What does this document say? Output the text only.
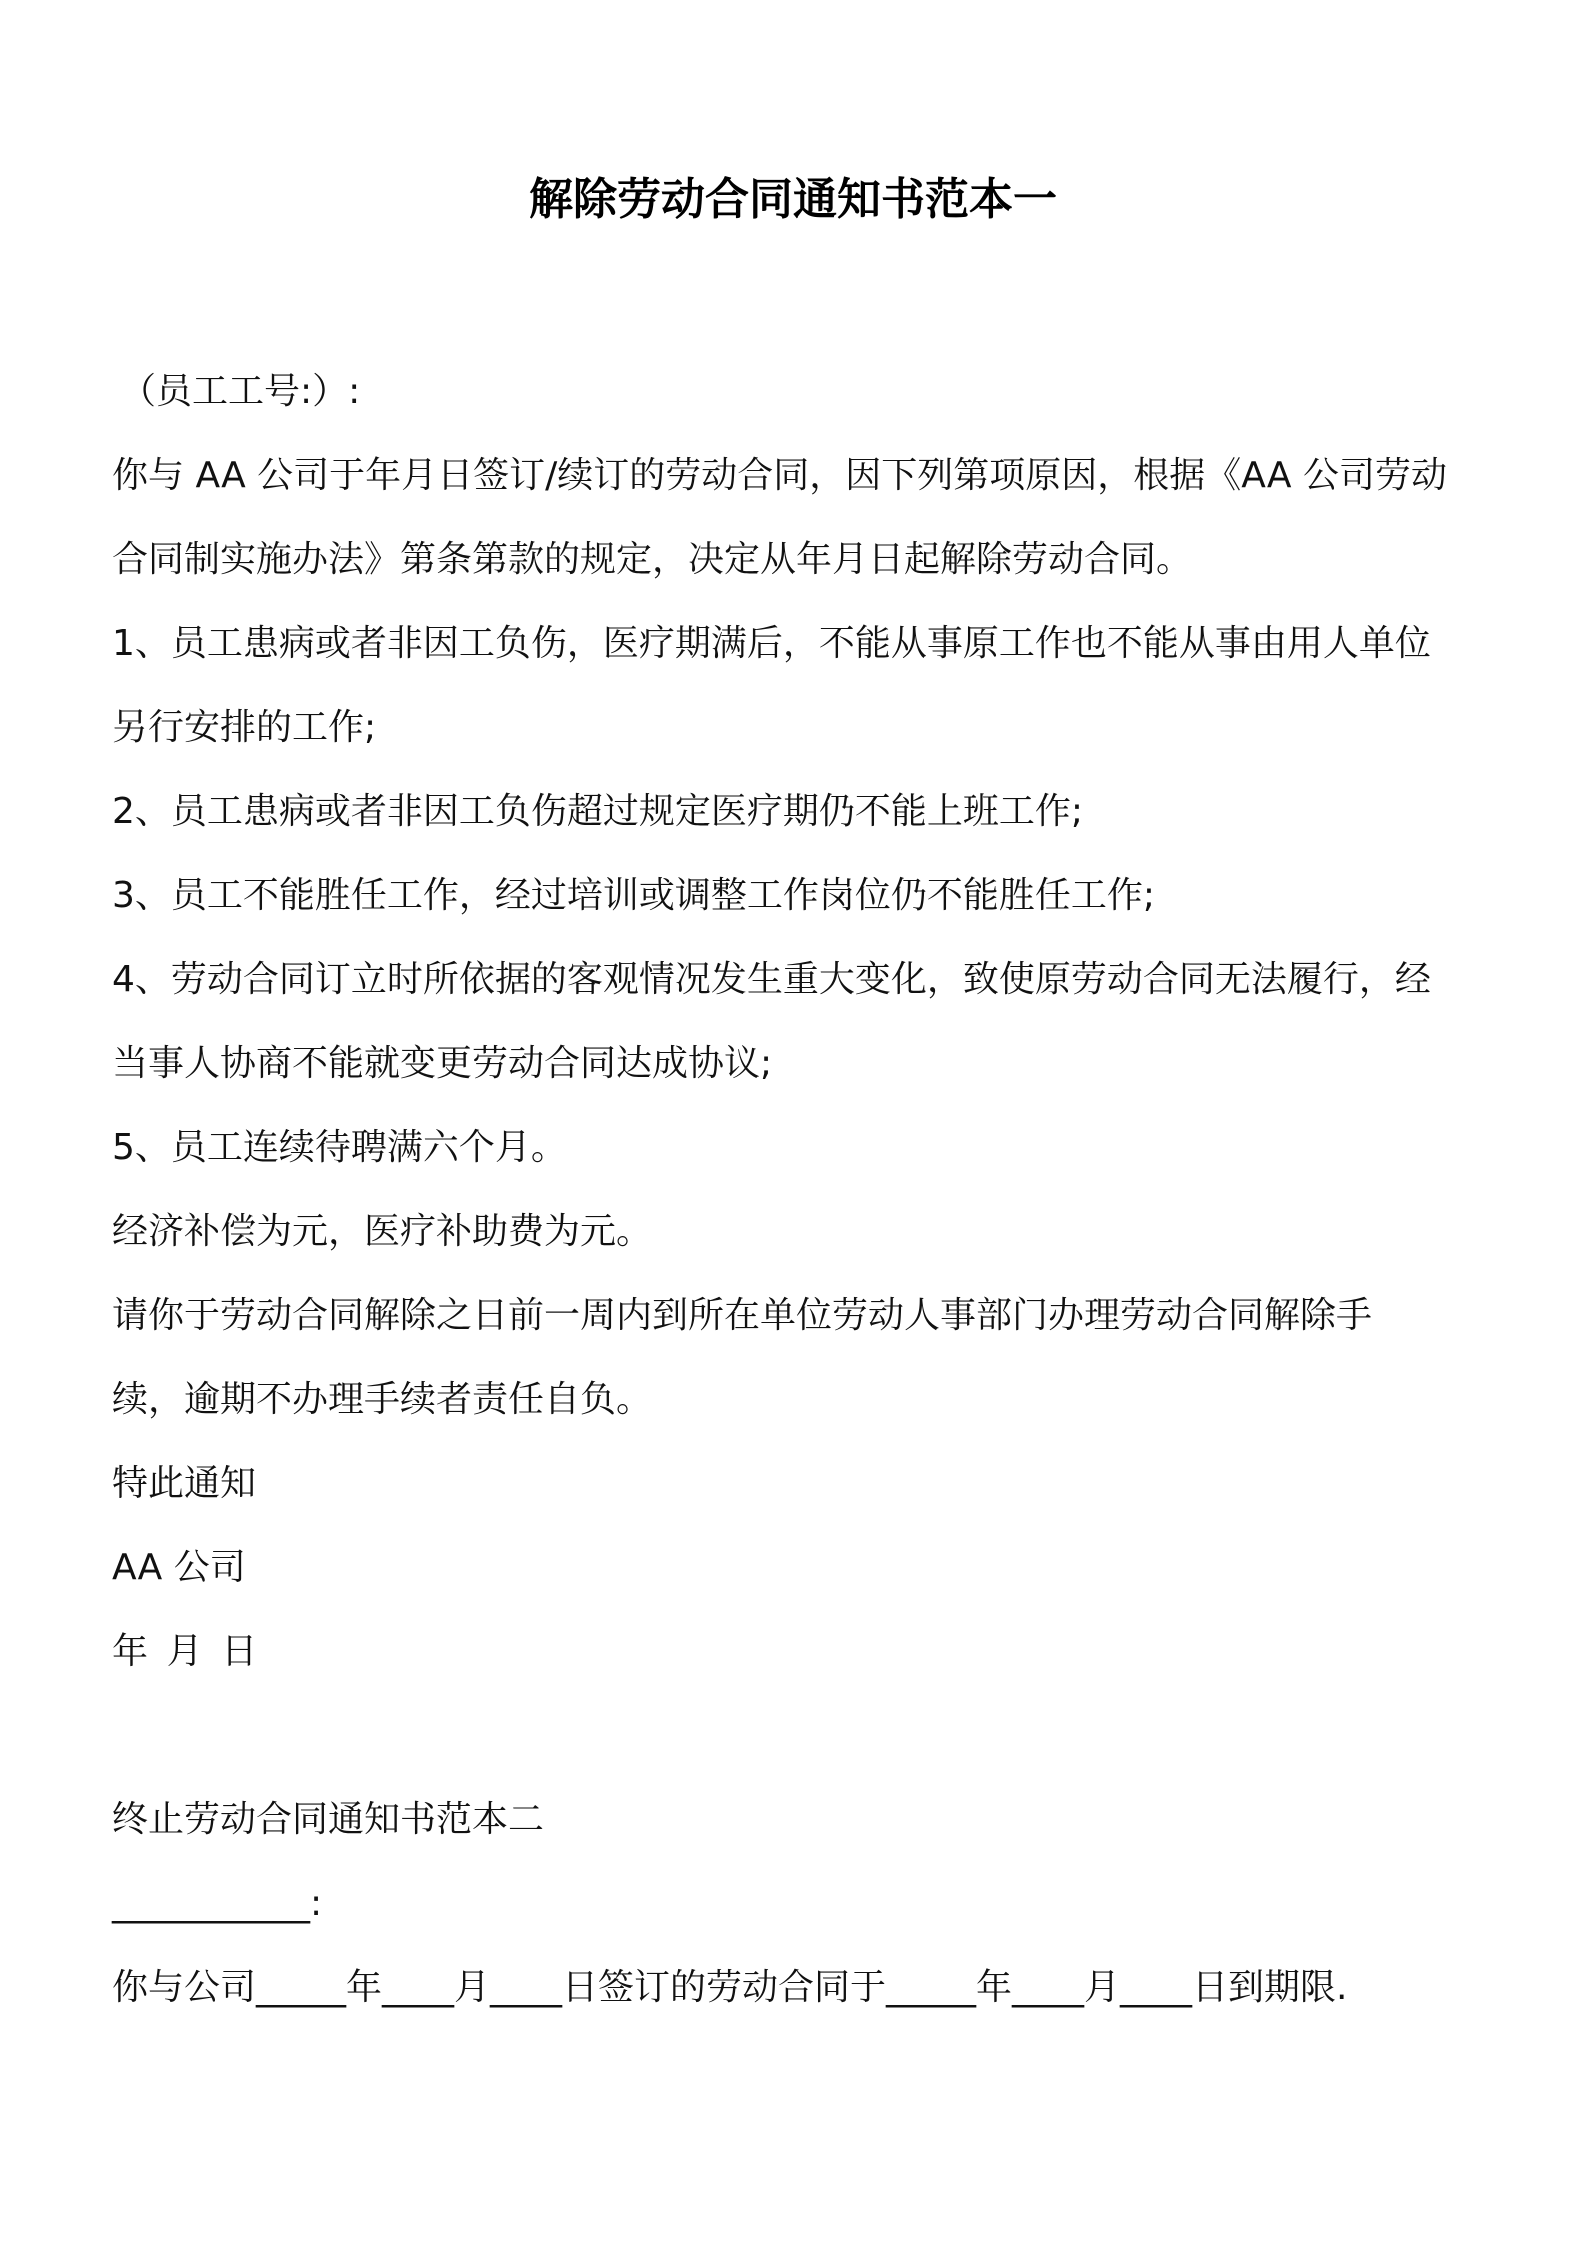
解除劳动合同通知书范本一

（员工工号:）:

你与 AA 公司于年月日签订/续订的劳动合同，因下列第项原因，根据《AA 公司劳动

合同制实施办法》第条第款的规定，决定从年月日起解除劳动合同。

1、员工患病或者非因工负伤，医疗期满后，不能从事原工作也不能从事由用人单位

另行安排的工作;

2、员工患病或者非因工负伤超过规定医疗期仍不能上班工作;

3、员工不能胜任工作，经过培训或调整工作岗位仍不能胜任工作;

4、劳动合同订立时所依据的客观情况发生重大变化，致使原劳动合同无法履行，经

当事人协商不能就变更劳动合同达成协议;

5、员工连续待聘满六个月。

经济补偿为元，医疗补助费为元。

请你于劳动合同解除之日前一周内到所在单位劳动人事部门办理劳动合同解除手

续，逾期不办理手续者责任自负。

特此通知

AA 公司

年 月 日

终止劳动合同通知书范本二

___________:

你与公司_____年____月____日签订的劳动合同于_____年____月____日到期限.
